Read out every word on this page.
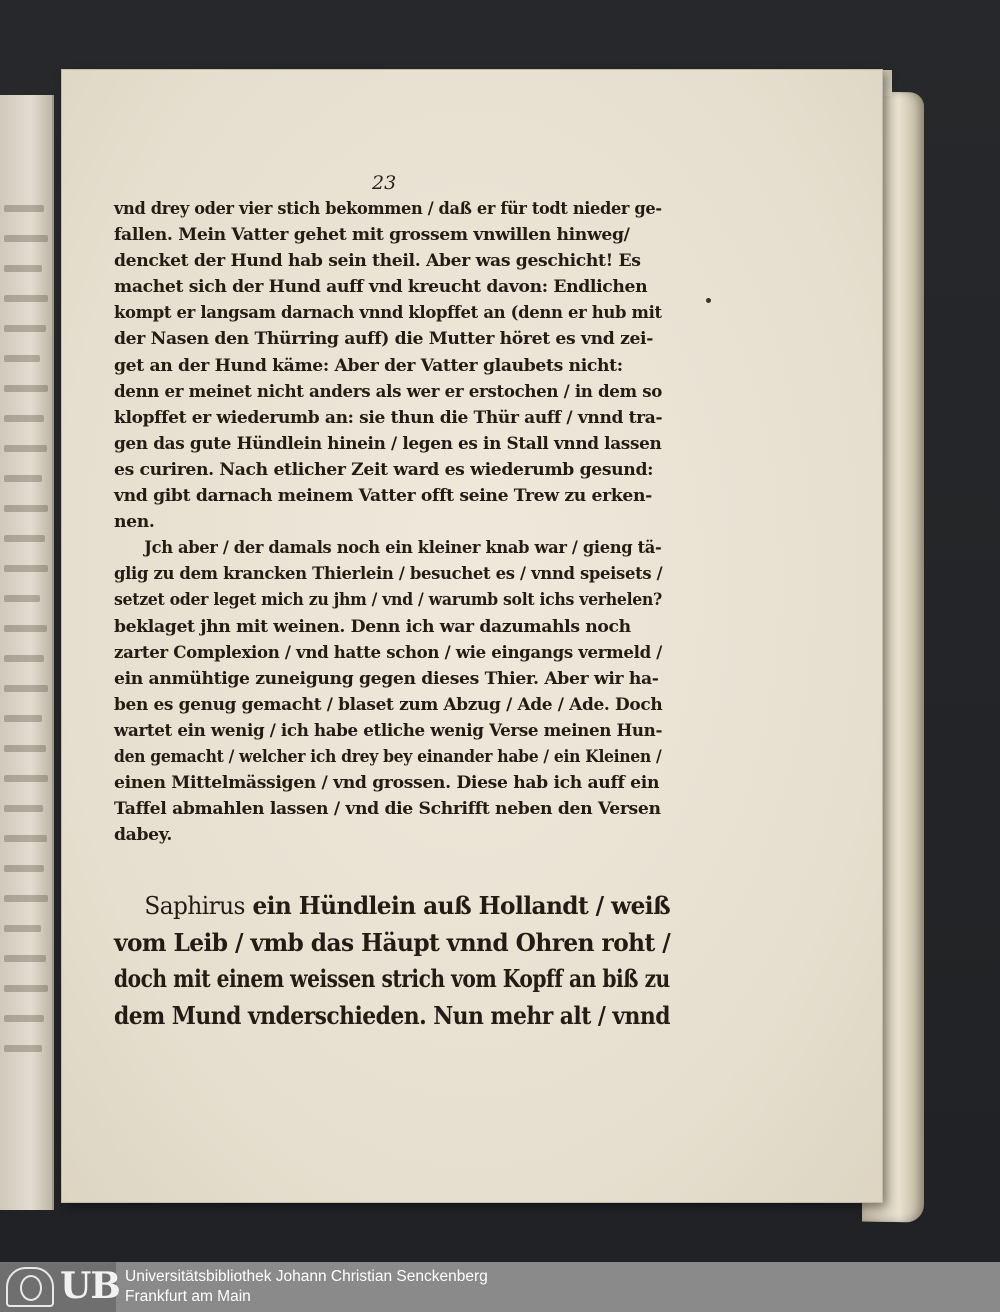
23
vnd drey oder vier stich bekommen / daß er für todt nieder ge-
fallen. Mein Vatter gehet mit grossem vnwillen hinweg/
dencket der Hund hab sein theil. Aber was geschicht! Es
machet sich der Hund auff vnd kreucht davon: Endlichen
kompt er langsam darnach vnnd klopffet an (denn er hub mit
der Nasen den Thürring auff) die Mutter höret es vnd zei-
get an der Hund käme: Aber der Vatter glaubets nicht:
denn er meinet nicht anders als wer er erstochen / in dem so
klopffet er wiederumb an: sie thun die Thür auff / vnnd tra-
gen das gute Hündlein hinein / legen es in Stall vnnd lassen
es curiren. Nach etlicher Zeit ward es wiederumb gesund:
vnd gibt darnach meinem Vatter offt seine Trew zu erken-
nen.
Jch aber / der damals noch ein kleiner knab war / gieng tä-
glig zu dem krancken Thierlein / besuchet es / vnnd speisets /
setzet oder leget mich zu jhm / vnd / warumb solt ichs verhelen?
beklaget jhn mit weinen. Denn ich war dazumahls noch
zarter Complexion / vnd hatte schon / wie eingangs vermeld /
ein anmühtige zuneigung gegen dieses Thier. Aber wir ha-
ben es genug gemacht / blaset zum Abzug / Ade / Ade. Doch
wartet ein wenig / ich habe etliche wenig Verse meinen Hun-
den gemacht / welcher ich drey bey einander habe / ein Kleinen /
einen Mittelmässigen / vnd grossen. Diese hab ich auff ein
Taffel abmahlen lassen / vnd die Schrifft neben den Versen
dabey.
Saphirus ein Hündlein auß Hollandt / weiß
vom Leib / vmb das Häupt vnnd Ohren roht /
doch mit einem weissen strich vom Kopff an biß zu
dem Mund vnderschieden. Nun mehr alt / vnnd
UB Universitätsbibliothek Johann Christian Senckenberg
Frankfurt am Main
